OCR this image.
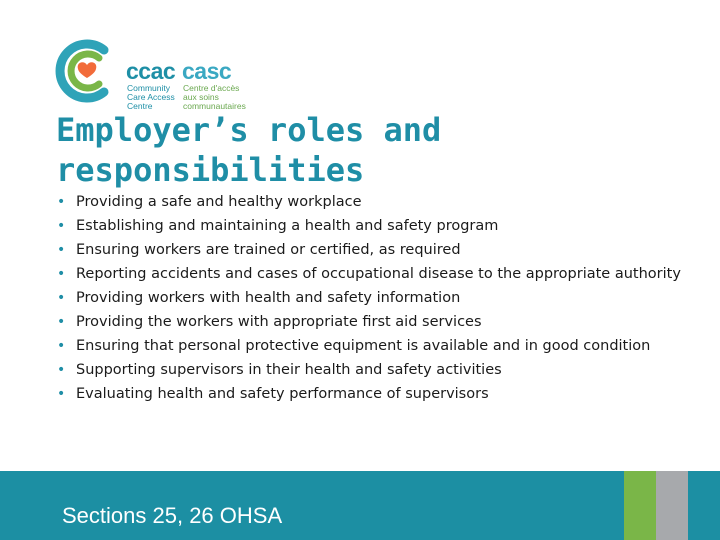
ccac casc
Community
Care Access
Centre
Centre d'accès
aux soins
communautaires
Employer’s roles and responsibilities
• Providing a safe and healthy workplace
• Establishing and maintaining a health and safety program
• Ensuring workers are trained or certified, as required
• Reporting accidents and cases of occupational disease to the appropriate authority
• Providing workers with health and safety information
• Providing the workers with appropriate first aid services
• Ensuring that personal protective equipment is available and in good condition
• Supporting supervisors in their health and safety activities
• Evaluating health and safety performance of supervisors
Sections 25, 26 OHSA
